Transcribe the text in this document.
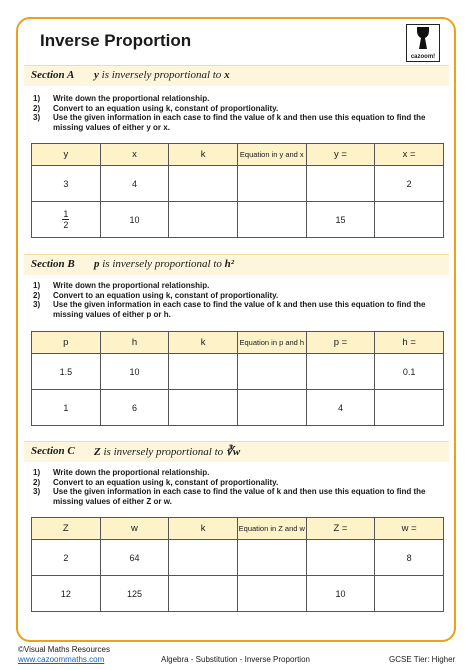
Inverse Proportion
cazoom!
Section A y is inversely proportional to x
1)	Write down the proportional relationship.
2)	Convert to an equation using k, constant of proportionality.
3)	Use the given information in each case to find the value of k and then use this equation to find the missing values of either y or x.
y	x	k	Equation in y and x	y =	x =
3	4				2

$\frac{1}{2}$	10			15	
Section B p is inversely proportional to h²
1)	Write down the proportional relationship.
2)	Convert to an equation using k, constant of proportionality.
3)	Use the given information in each case to find the value of k and then use this equation to find the missing values of either p or h.
p	h	k	Equation in p and h	p =	h =
1.5	10				0.1
1	6			4	
Section C Z is inversely proportional to ∛w
1)	Write down the proportional relationship.
2)	Convert to an equation using k, constant of proportionality.
3)	Use the given information in each case to find the value of k and then use this equation to find the missing values of either Z or w.
Z	w	k	Equation in Z and w	Z =	w =
2	64				8
12	125			10	
©Visual Maths Resources
www.cazoommaths.com	Algebra - Substitution - Inverse Proportion	GCSE Tier: Higher
